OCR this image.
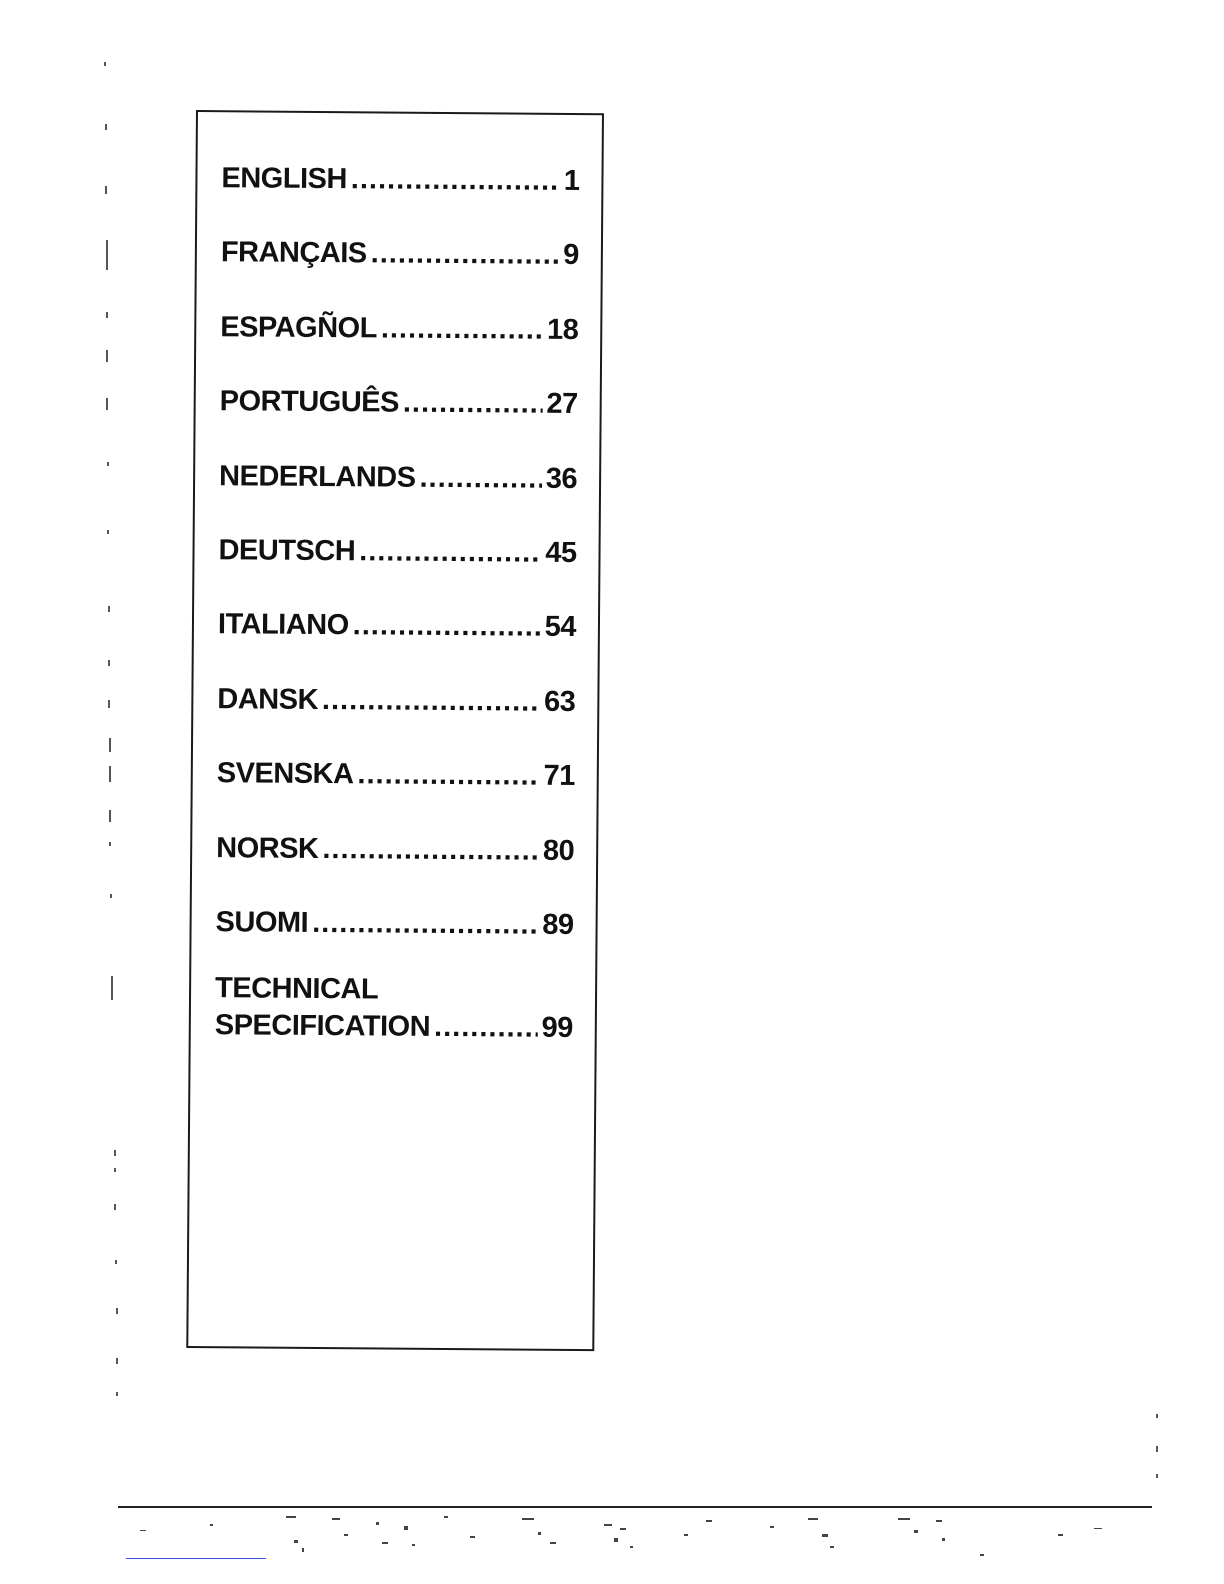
ENGLISH .....	1
FRANÇAIS .....	9
ESPAGÑOL .....	18
PORTUGUÊS .....	27
NEDERLANDS .....	36
DEUTSCH .....	45
ITALIANO .....	54
DANSK .....	63
SVENSKA .....	71
NORSK .....	80
SUOMI .....	89
TECHNICAL
SPECIFICATION .....	99
